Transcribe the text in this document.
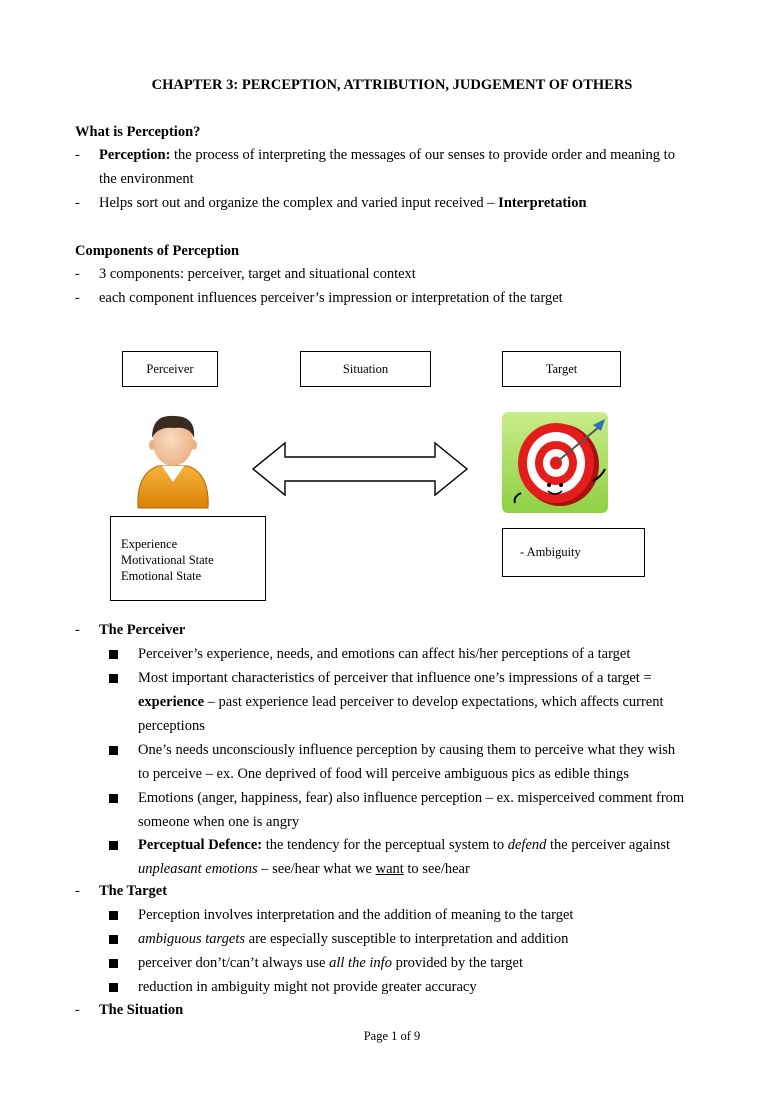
CHAPTER 3: PERCEPTION, ATTRIBUTION, JUDGEMENT OF OTHERS
What is Perception?
- Perception: the process of interpreting the messages of our senses to provide order and meaning to
the environment
- Helps sort out and organize the complex and varied input received – Interpretation
Components of Perception
- 3 components: perceiver, target and situational context
- each component influences perceiver’s impression or interpretation of the target
Perceiver	Situation	Target
Experience
Motivational State
Emotional State
- Ambiguity
- The Perceiver
Perceiver’s experience, needs, and emotions can affect his/her perceptions of a target
Most important characteristics of perceiver that influence one’s impressions of a target =
experience – past experience lead perceiver to develop expectations, which affects current
perceptions
One’s needs unconsciously influence perception by causing them to perceive what they wish
to perceive – ex. One deprived of food will perceive ambiguous pics as edible things
Emotions (anger, happiness, fear) also influence perception – ex. misperceived comment from
someone when one is angry
Perceptual Defence: the tendency for the perceptual system to defend the perceiver against
unpleasant emotions – see/hear what we want to see/hear
- The Target
Perception involves interpretation and the addition of meaning to the target
ambiguous targets are especially susceptible to interpretation and addition
perceiver don’t/can’t always use all the info provided by the target
reduction in ambiguity might not provide greater accuracy
- The Situation
Page 1 of 9
